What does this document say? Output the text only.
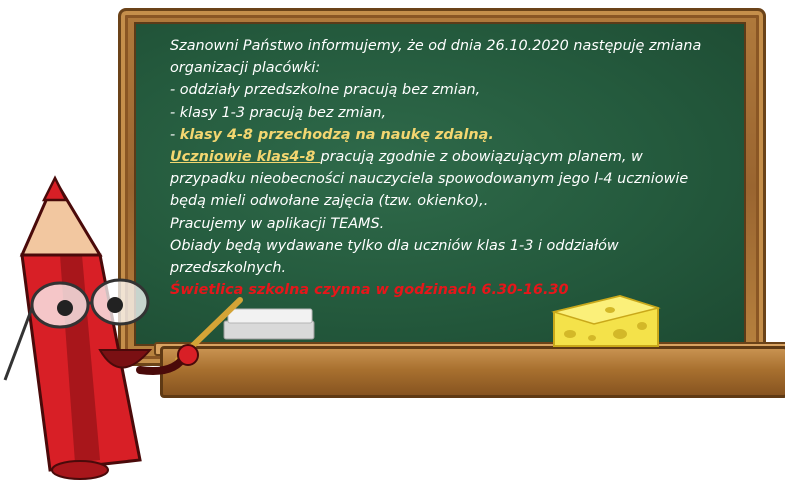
Szanowni Państwo informujemy, że od dnia 26.10.2020 następuję zmiana
organizacji placówki:
- oddziały przedszkolne pracują bez zmian,
- klasy 1-3 pracują bez zmian,
- klasy 4-8 przechodzą na naukę zdalną.
Uczniowie klas4-8 pracują zgodnie z obowiązującym planem, w
przypadku nieobecności nauczyciela spowodowanym jego l-4 uczniowie
będą mieli odwołane zajęcia (tzw. okienko),.
Pracujemy w aplikacji TEAMS.
Obiady będą wydawane tylko dla uczniów klas 1-3 i oddziałów
przedszkolnych.
Świetlica szkolna czynna w godzinach 6.30-16.30
